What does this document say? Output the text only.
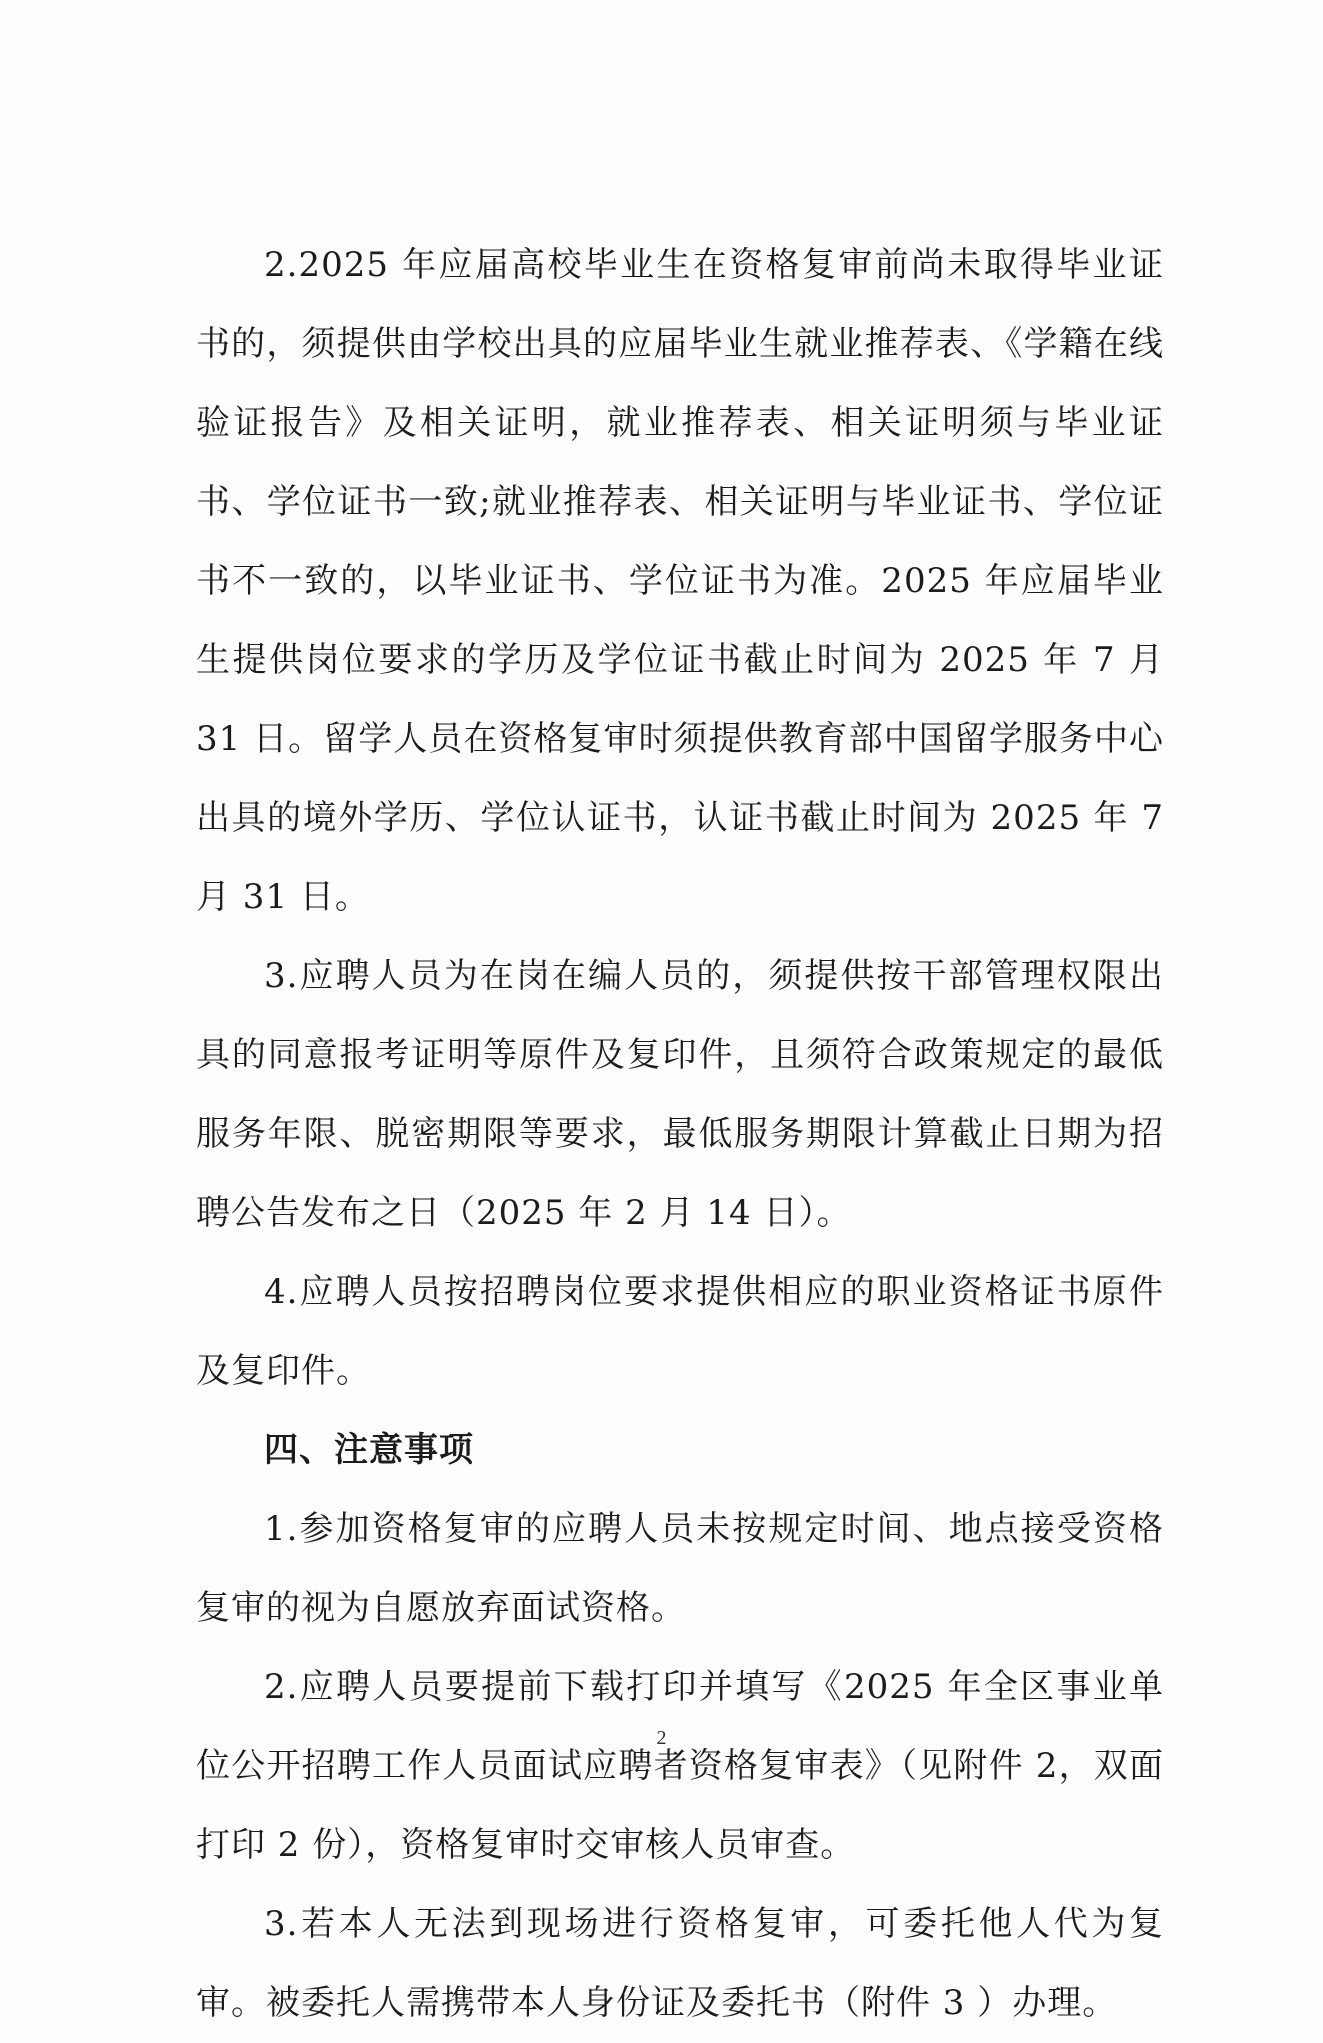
2.2025 年应届高校毕业生在资格复审前尚未取得毕业证书的，须提供由学校出具的应届毕业生就业推荐表、《学籍在线验证报告》及相关证明，就业推荐表、相关证明须与毕业证书、学位证书一致;就业推荐表、相关证明与毕业证书、学位证书不一致的，以毕业证书、学位证书为准。2025 年应届毕业生提供岗位要求的学历及学位证书截止时间为 2025 年 7 月 31 日。留学人员在资格复审时须提供教育部中国留学服务中心出具的境外学历、学位认证书，认证书截止时间为 2025 年 7 月 31 日。

3.应聘人员为在岗在编人员的，须提供按干部管理权限出具的同意报考证明等原件及复印件，且须符合政策规定的最低服务年限、脱密期限等要求，最低服务期限计算截止日期为招聘公告发布之日（2025 年 2 月 14 日）。

4.应聘人员按招聘岗位要求提供相应的职业资格证书原件及复印件。

四、注意事项

1.参加资格复审的应聘人员未按规定时间、地点接受资格复审的视为自愿放弃面试资格。

2.应聘人员要提前下载打印并填写《2025 年全区事业单位公开招聘工作人员面试应聘者资格复审表》（见附件 2，双面打印 2 份），资格复审时交审核人员审查。

3.若本人无法到现场进行资格复审，可委托他人代为复审。被委托人需携带本人身份证及委托书（附件 3 ）办理。

2
